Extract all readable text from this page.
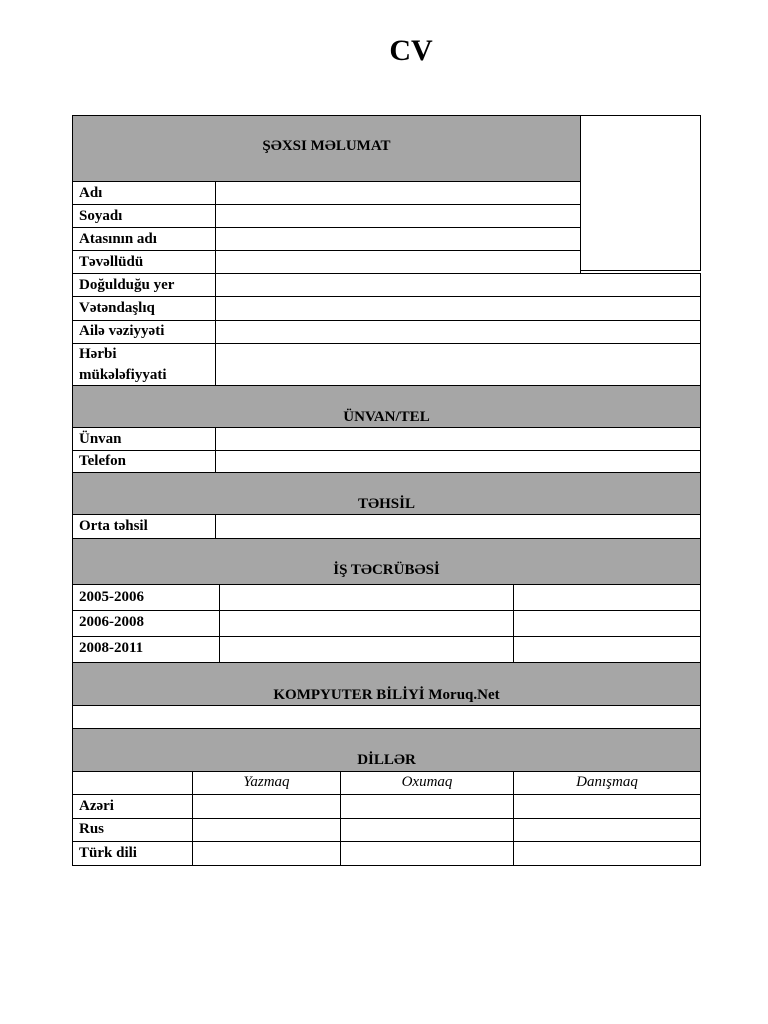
CV
ŞƏXSI MƏLUMAT
Adı
Soyadı
Atasının adı
Təvəllüdü
Doğulduğu yer
Vətəndaşlıq
Ailə vəziyyəti
Hərbi
mükələfiyyati
ÜNVAN/TEL
Ünvan
Telefon
TƏHSİL
Orta təhsil
İŞ TƏCRÜBƏSİ
2005-2006
2006-2008
2008-2011
KOMPYUTER BİLİYİ Moruq.Net
DİLLƏR
Yazmaq	Oxumaq	Danışmaq
Azəri
Rus
Türk dili
